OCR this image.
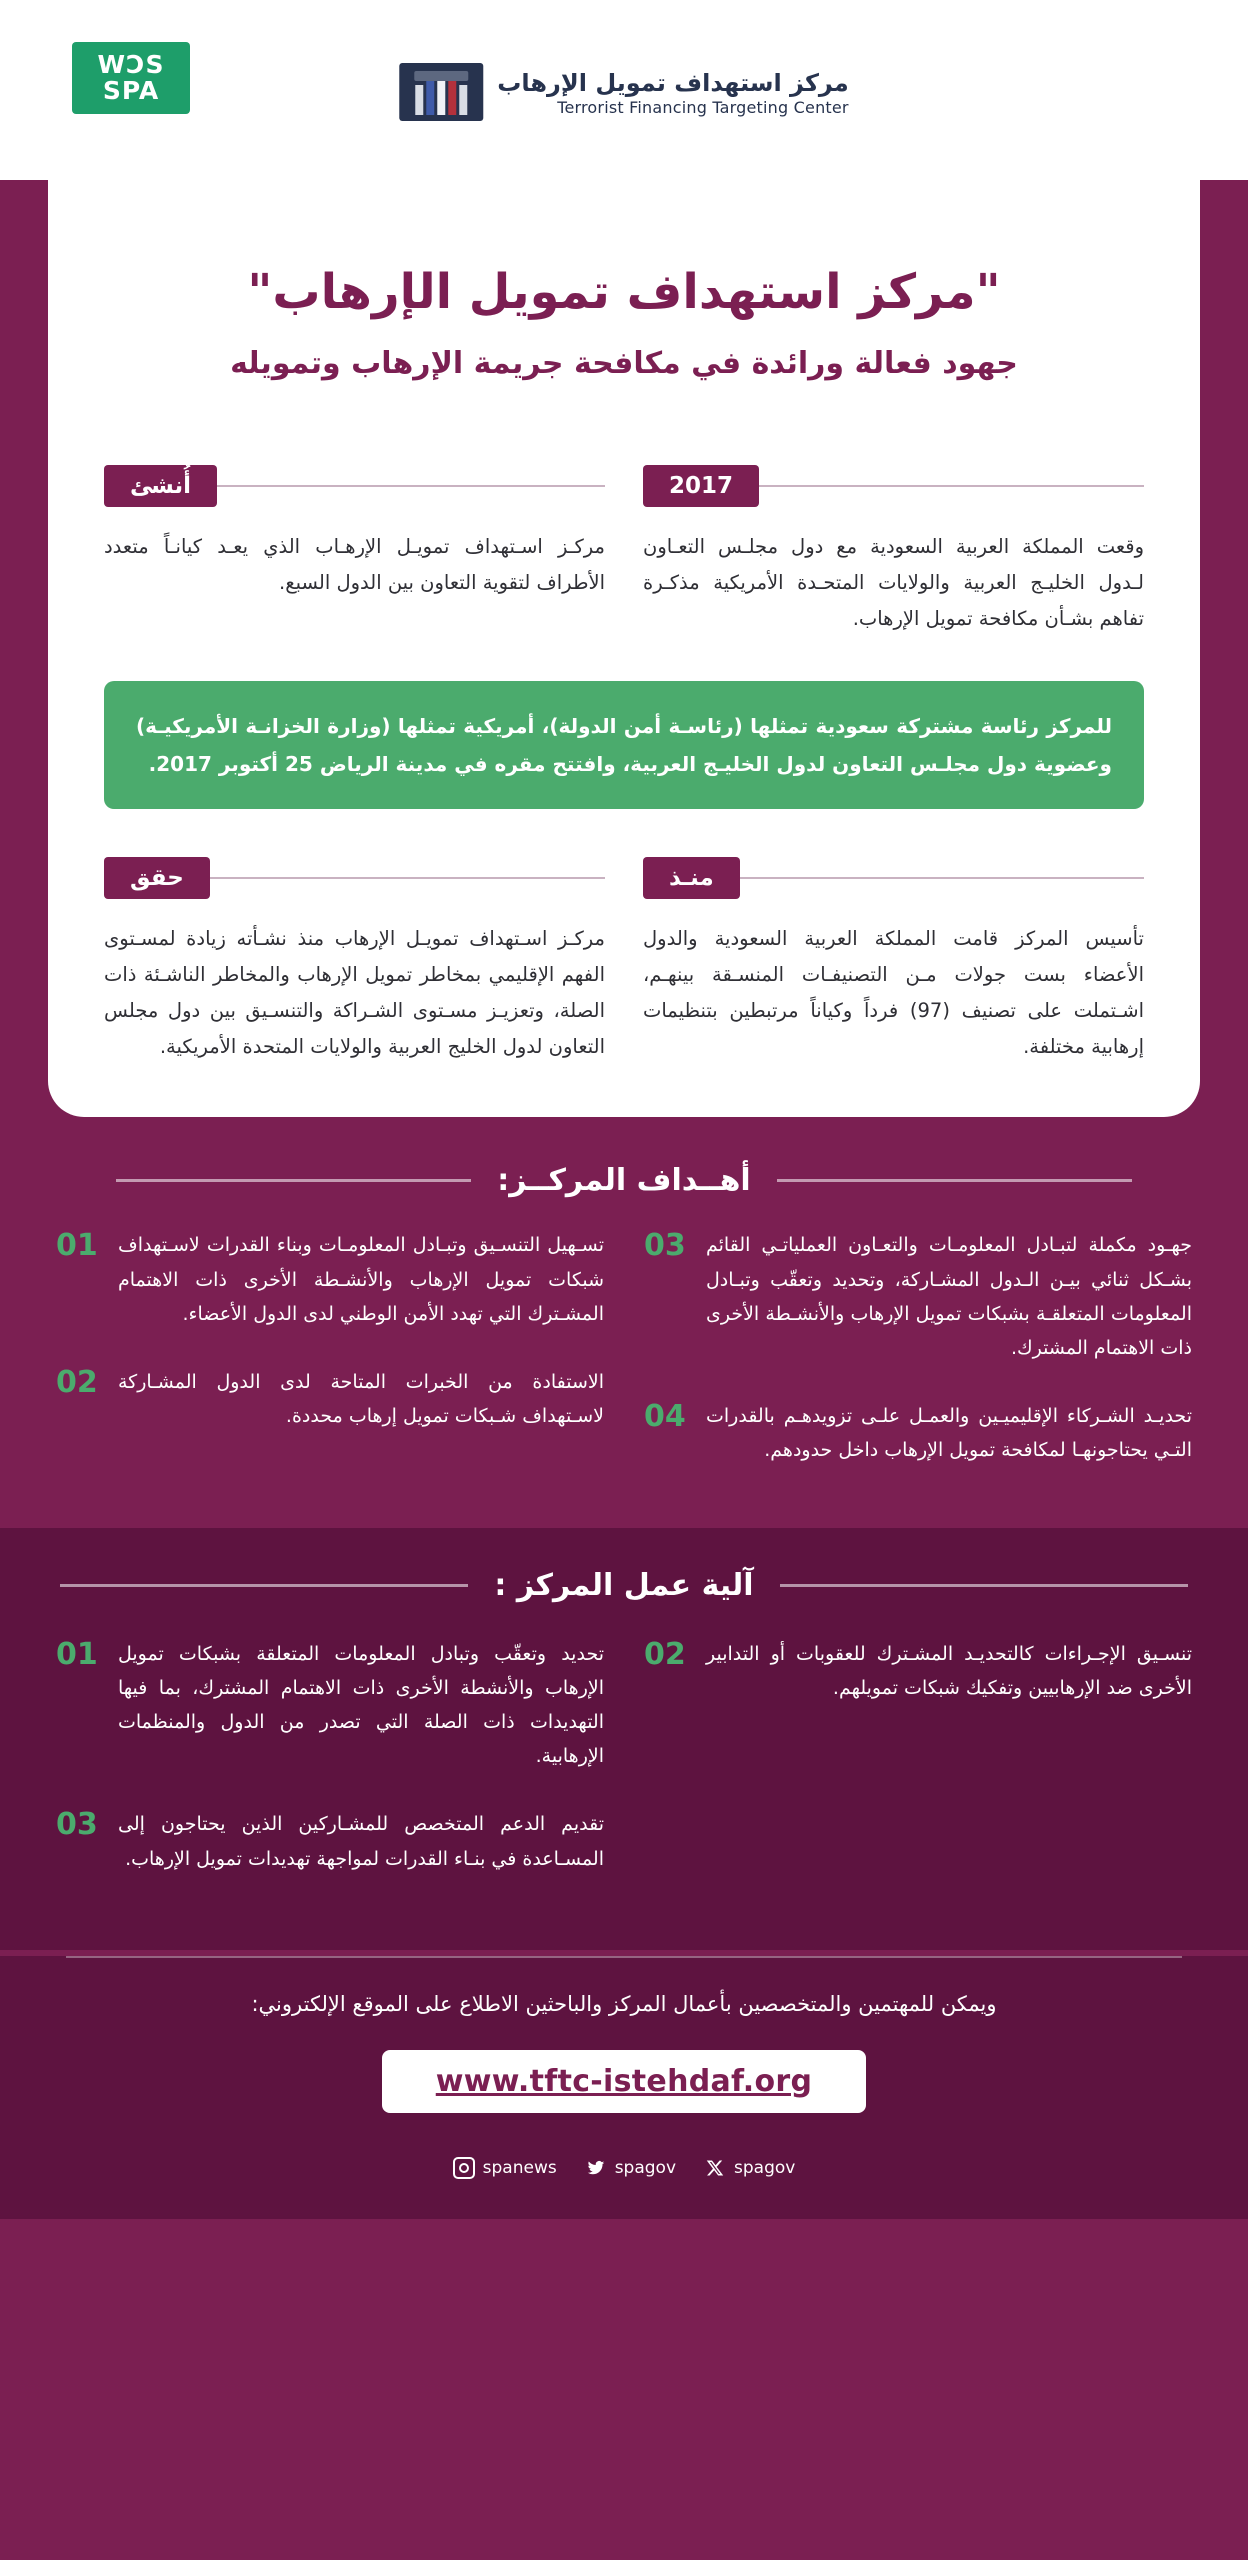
WƆS
SPA	مركز استهداف تمويل الإرهاب
Terrorist Financing Targeting Center
"مركز استهداف تمويل الإرهاب"
جهود فعالة ورائدة في مكافحة جريمة الإرهاب وتمويله
2017
وقعت المملكة العربية السعودية مع دول مجلـس التعـاون لـدول الخليـج العربية والولايات المتحـدة الأمريكية مذكـرة تفاهم بشـأن مكافحة تمويل الإرهاب.
أُنشئ
مركـز اسـتهداف تمويـل الإرهـاب الذي يعـد كيانـاً متعدد الأطراف لتقوية التعاون بين الدول السبع.
للمركز رئاسة مشتركة سعودية تمثلها (رئاسـة أمن الدولة)، أمريكية تمثلها (وزارة الخزانـة الأمريكيـة) وعضوية دول مجلـس التعاون لدول الخليـج العربية، وافتتح مقره في مدينة الرياض 25 أكتوبر 2017.
منـذ
تأسيس المركز قامت المملكة العربية السعودية والدول الأعضاء بست جولات مـن التصنيفـات المنسـقة بينهـم، اشـتملت على تصنيف (97) فرداً وكياناً مرتبطين بتنظيمات إرهابية مختلفة.
حقق
مركـز اسـتهداف تمويـل الإرهاب منذ نشـأته زيادة لمسـتوى الفهم الإقليمي بمخاطر تمويل الإرهاب والمخاطر الناشـئة ذات الصلة، وتعزيـز مسـتوى الشـراكة والتنسـيق بين دول مجلس التعاون لدول الخليج العربية والولايات المتحدة الأمريكية.
أهــداف المركــز:
جهـود مكملة لتبـادل المعلومـات والتعـاون العملياتـي القائم بشـكل ثنائي بيـن الـدول المشـاركة، وتحديد وتعقّب وتبـادل المعلومات المتعلقـة بشبكات تمويل الإرهاب والأنشـطة الأخرى ذات الاهتمام المشترك.
03
تحديـد الشـركاء الإقليميـين والعمـل علـى تزويدهـم بالقدرات التـي يحتاجونهـا لمكافحة تمويل الإرهاب داخل حدودهم.
04
تسـهيل التنسـيق وتبـادل المعلومـات وبناء القدرات لاسـتهداف شبكات تمويل الإرهاب والأنشـطة الأخرى ذات الاهتمام المشـترك التي تهدد الأمن الوطني لدى الدول الأعضاء.
01
الاستفادة من الخبرات المتاحة لدى الدول المشـاركة لاسـتهداف شـبكات تمويل إرهاب محددة.
02
آلية عمل المركز :
تنسـيق الإجـراءات كالتحديـد المشـترك للعقوبات أو التدابير الأخرى ضد الإرهابيين وتفكيك شبكات تمويلهم.
02
تحديد وتعقّب وتبادل المعلومات المتعلقة بشبكات تمويل الإرهاب والأنشطة الأخرى ذات الاهتمام المشترك، بما فيها التهديدات ذات الصلة التي تصدر من الدول والمنظمات الإرهابية.
01
تقديم الدعم المتخصص للمشـاركين الذين يحتاجون إلى المسـاعدة في بنـاء القدرات لمواجهة تهديدات تمويل الإرهاب.
03
ويمكن للمهتمين والمتخصصين بأعمال المركز والباحثين الاطلاع على الموقع الإلكتروني:
www.tftc-istehdaf.org
spanews	spagov	spagov
